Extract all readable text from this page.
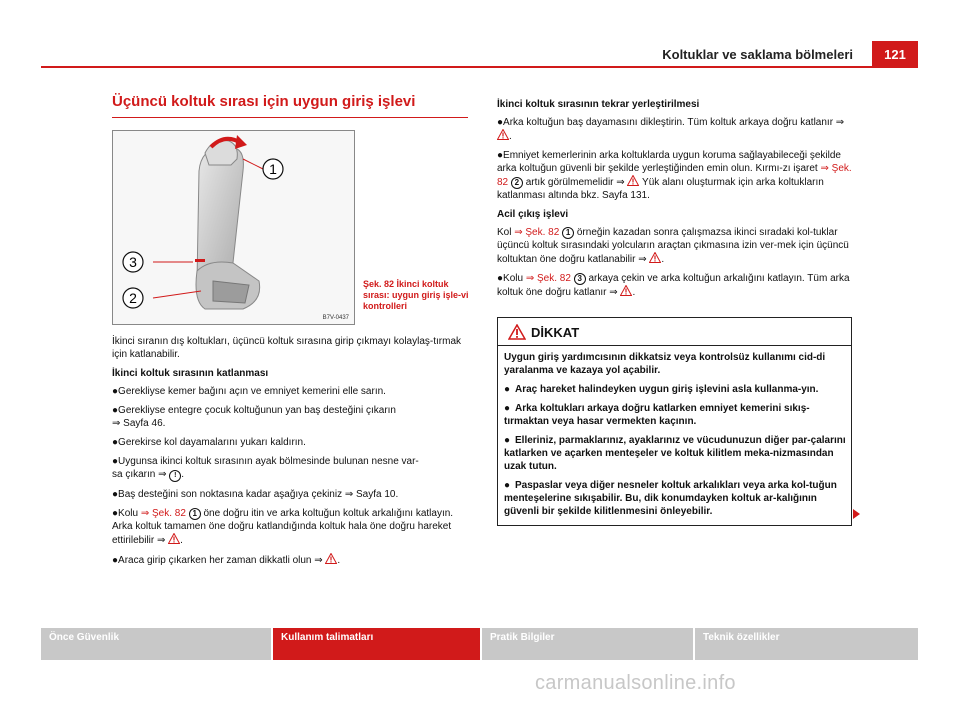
Koltuklar ve saklama bölmeleri	121
Üçüncü koltuk sırası için uygun giriş işlevi
1
3
2
B7V-0437
Şek. 82 İkinci koltuk sırası: uygun giriş işle-vi kontrolleri

İkinci sıranın dış koltukları, üçüncü koltuk sırasına girip çıkmayı kolaylaş-tırmak için katlanabilir.

İkinci koltuk sırasının katlanması

●Gerekliyse kemer bağını açın ve emniyet kemerini elle sarın.

●Gerekliyse entegre çocuk koltuğunun yan baş desteğini çıkarın
⇒ Sayfa 46.

●Gerekirse kol dayamalarını yukarı kaldırın.

●Uygunsa ikinci koltuk sırasının ayak bölmesinde bulunan nesne var-
sa çıkarın ⇒ ! .

●Baş desteğini son noktasına kadar aşağıya çekiniz ⇒ Sayfa 10.

●Kolu ⇒ Şek. 82 1 öne doğru itin ve arka koltuğun koltuk arkalığını katlayın. Arka koltuk tamamen öne doğru katlandığında koltuk hala öne doğru hareket ettirilebilir ⇒ .

●Araca girip çıkarken her zaman dikkatli olun ⇒ .

İkinci koltuk sırasının tekrar yerleştirilmesi

●Arka koltuğun baş dayamasını dikleştirin. Tüm koltuk arkaya doğru katlanır ⇒ .

●Emniyet kemerlerinin arka koltuklarda uygun koruma sağlayabileceği şekilde arka koltuğun güvenli bir şekilde yerleştiğinden emin olun. Kırmı-zı işaret ⇒ Şek. 82 2 artık görülmemelidir ⇒ Yük alanı oluşturmak için arka koltukların katlanması altında bkz. Sayfa 131.

Acil çıkış işlevi

Kol ⇒ Şek. 82 1 örneğin kazadan sonra çalışmazsa ikinci sıradaki kol-tuklar üçüncü koltuk sırasındaki yolcuların araçtan çıkmasına izin ver-mek için üçüncü koltuktan öne doğru katlanabilir ⇒ .

●Kolu ⇒ Şek. 82 3 arkaya çekin ve arka koltuğun arkalığını katlayın. Tüm arka koltuk öne doğru katlanır ⇒ .

DİKKAT

Uygun giriş yardımcısının dikkatsiz veya kontrolsüz kullanımı cid-di yaralanma ve kazaya yol açabilir.

● Araç hareket halindeyken uygun giriş işlevini asla kullanma-yın.

● Arka koltukları arkaya doğru katlarken emniyet kemerini sıkış-tırmaktan veya hasar vermekten kaçının.

● Elleriniz, parmaklarınız, ayaklarınız ve vücudunuzun diğer par-çalarını katlarken ve açarken menteşeler ve koltuk kilitlem meka-nizmasından uzak tutun.

● Paspaslar veya diğer nesneler koltuk arkalıkları veya arka kol-tuğun menteşelerine sıkışabilir. Bu, dik konumdayken koltuk ar-kalığının güvenli bir şekilde kilitlenmesini önleyebilir.

Önce Güvenlik	Kullanım talimatları	Pratik Bilgiler	Teknik özellikler
carmanualsonline.info
